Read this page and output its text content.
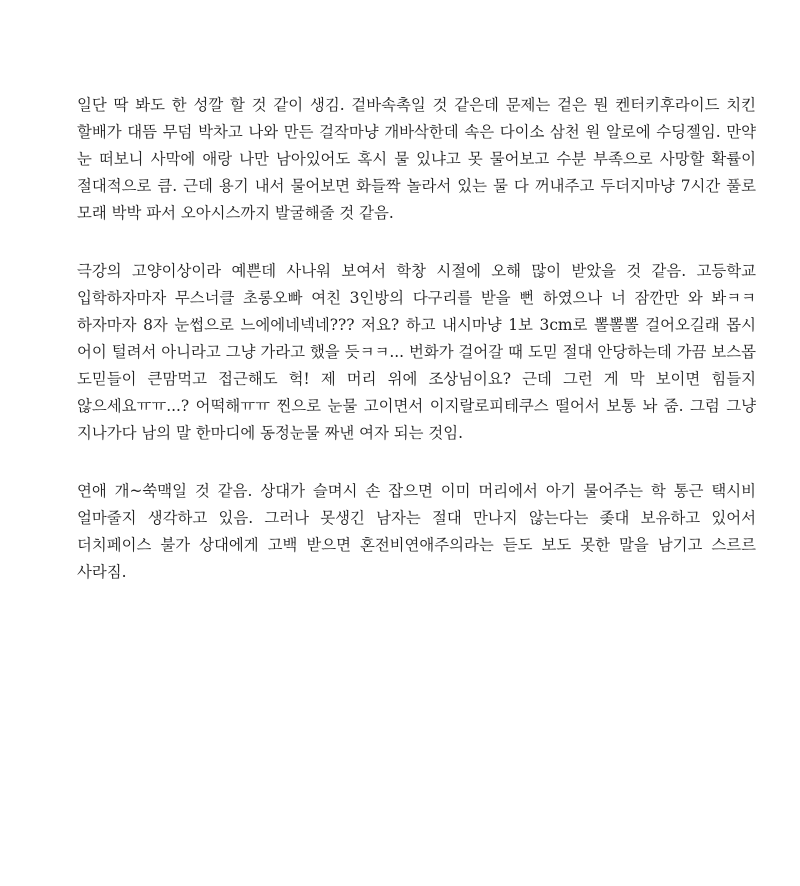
일단 딱 봐도 한 성깔 할 것 같이 생김. 겉바속촉일 것 같은데 문제는 겉은 뭔 켄터키후라이드 치킨 할배가 대뜸 무덤 박차고 나와 만든 걸작마냥 개바삭한데 속은 다이소 삼천 원 알로에 수딩젤임. 만약 눈 떠보니 사막에 애랑 나만 남아있어도 혹시 물 있냐고 못 물어보고 수분 부족으로 사망할 확률이 절대적으로 큼. 근데 용기 내서 물어보면 화들짝 놀라서 있는 물 다 꺼내주고 두더지마냥 7시간 풀로 모래 박박 파서 오아시스까지 발굴해줄 것 같음.

극강의 고양이상이라 예쁜데 사나워 보여서 학창 시절에 오해 많이 받았을 것 같음. 고등학교 입학하자마자 무스너클 초롱오빠 여친 3인방의 다구리를 받을 뻔 하였으나 너 잠깐만 와 봐ㅋㅋ 하자마자 8자 눈썹으로 느에에네넥네??? 저요? 하고 내시마냥 1보 3cm로 뽈뽈뽈 걸어오길래 몹시 어이 털려서 아니라고 그냥 가라고 했을 듯ㅋㅋ... 번화가 걸어갈 때 도믿 절대 안당하는데 가끔 보스몹 도믿들이 큰맘먹고 접근해도 헉! 제 머리 위에 조상님이요? 근데 그런 게 막 보이면 힘들지 않으세요ㅠㅠ...? 어떡해ㅠㅠ 찐으로 눈물 고이면서 이지랄로피테쿠스 떨어서 보통 놔 줌. 그럼 그냥 지나가다 남의 말 한마디에 동정눈물 짜낸 여자 되는 것임.

연애 개~쑥맥일 것 같음. 상대가 슬며시 손 잡으면 이미 머리에서 아기 물어주는 학 통근 택시비 얼마줄지 생각하고 있음. 그러나 못생긴 남자는 절대 만나지 않는다는 좆대 보유하고 있어서 더치페이스 불가 상대에게 고백 받으면 혼전비연애주의라는 듣도 보도 못한 말을 남기고 스르르 사라짐.
